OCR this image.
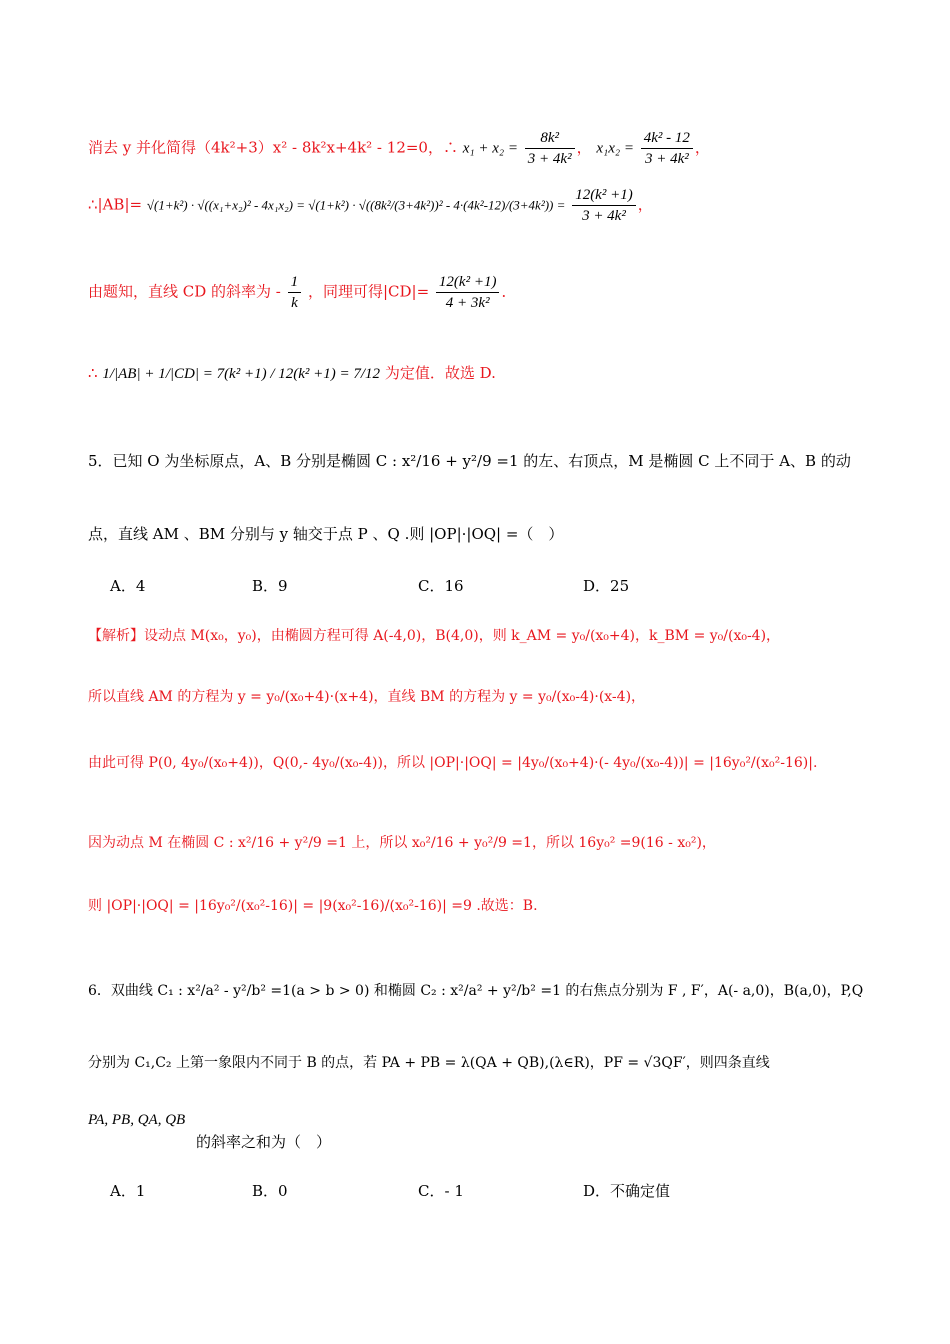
消去 y 并化简得（4k²+3）x² - 8k²x+4k² - 12=0，∴ $x_1 + x_2 = \frac{\text{8k²}}{\text{3 + 4k²}}$ ， $x_1x_2 = \frac{\text{4k² - 12}}{\text{3 + 4k²}}$ ，
∴|AB|= $√(1+k^2) \cdot √((x_1+x_2)^2 - 4x_1x_2) = √(1+k^2) \cdot √((8k^2/(3+4k^2))^2 - 4\cdot(4k^2-12)/(3+4k^2)) = \frac{\text{12(k² +1)}}{\text{3 + 4k²}}$ ，
由题知，直线 CD 的斜率为 - $\frac{1}{k}$ ，同理可得$|CD|= \frac{\text{12(k² +1)}}{\text{4 + 3k²}}$ ．
∴ 1/|AB| + 1/|CD| = 7(k² +1) / 12(k² +1) = 7/12 为定值．故选 D.
5．已知 O 为坐标原点，A、B 分别是椭圆 C : x²/16 + y²/9 =1 的左、右顶点，M 是椭圆 C 上不同于 A、B 的动
点，直线 AM 、BM 分别与 y 轴交于点 P 、Q .则 |OP|·|OQ| =（　）
A．4	B．9	C．16	D．25
【解析】设动点 M(x₀，y₀)，由椭圆方程可得 A(-4,0)，B(4,0)，则 k_AM = y₀/(x₀+4)，k_BM = y₀/(x₀-4)，
所以直线 AM 的方程为 y = y₀/(x₀+4)·(x+4)，直线 BM 的方程为 y = y₀/(x₀-4)·(x-4)，
由此可得 P(0, 4y₀/(x₀+4))，Q(0,- 4y₀/(x₀-4))，所以 |OP|·|OQ| = |4y₀/(x₀+4)·(- 4y₀/(x₀-4))| = |16y₀²/(x₀²-16)|.
因为动点 M 在椭圆 C : x²/16 + y²/9 =1 上，所以 x₀²/16 + y₀²/9 =1，所以 16y₀² =9(16 - x₀²)，
则 |OP|·|OQ| = |16y₀²/(x₀²-16)| = |9(x₀²-16)/(x₀²-16)| =9 .故选：B.
6．双曲线 C₁ : x²/a² - y²/b² =1(a > b > 0) 和椭圆 C₂ : x²/a² + y²/b² =1 的右焦点分别为 F , F′，A(- a,0)，B(a,0)，P,Q
分别为 C₁,C₂ 上第一象限内不同于 B 的点，若 PA + PB = λ(QA + QB),(λ∈R)，PF = √3QF′，则四条直线
PA, PB, QA, QB
的斜率之和为（　）
A．1	B．0	C．- 1	D．不确定值
